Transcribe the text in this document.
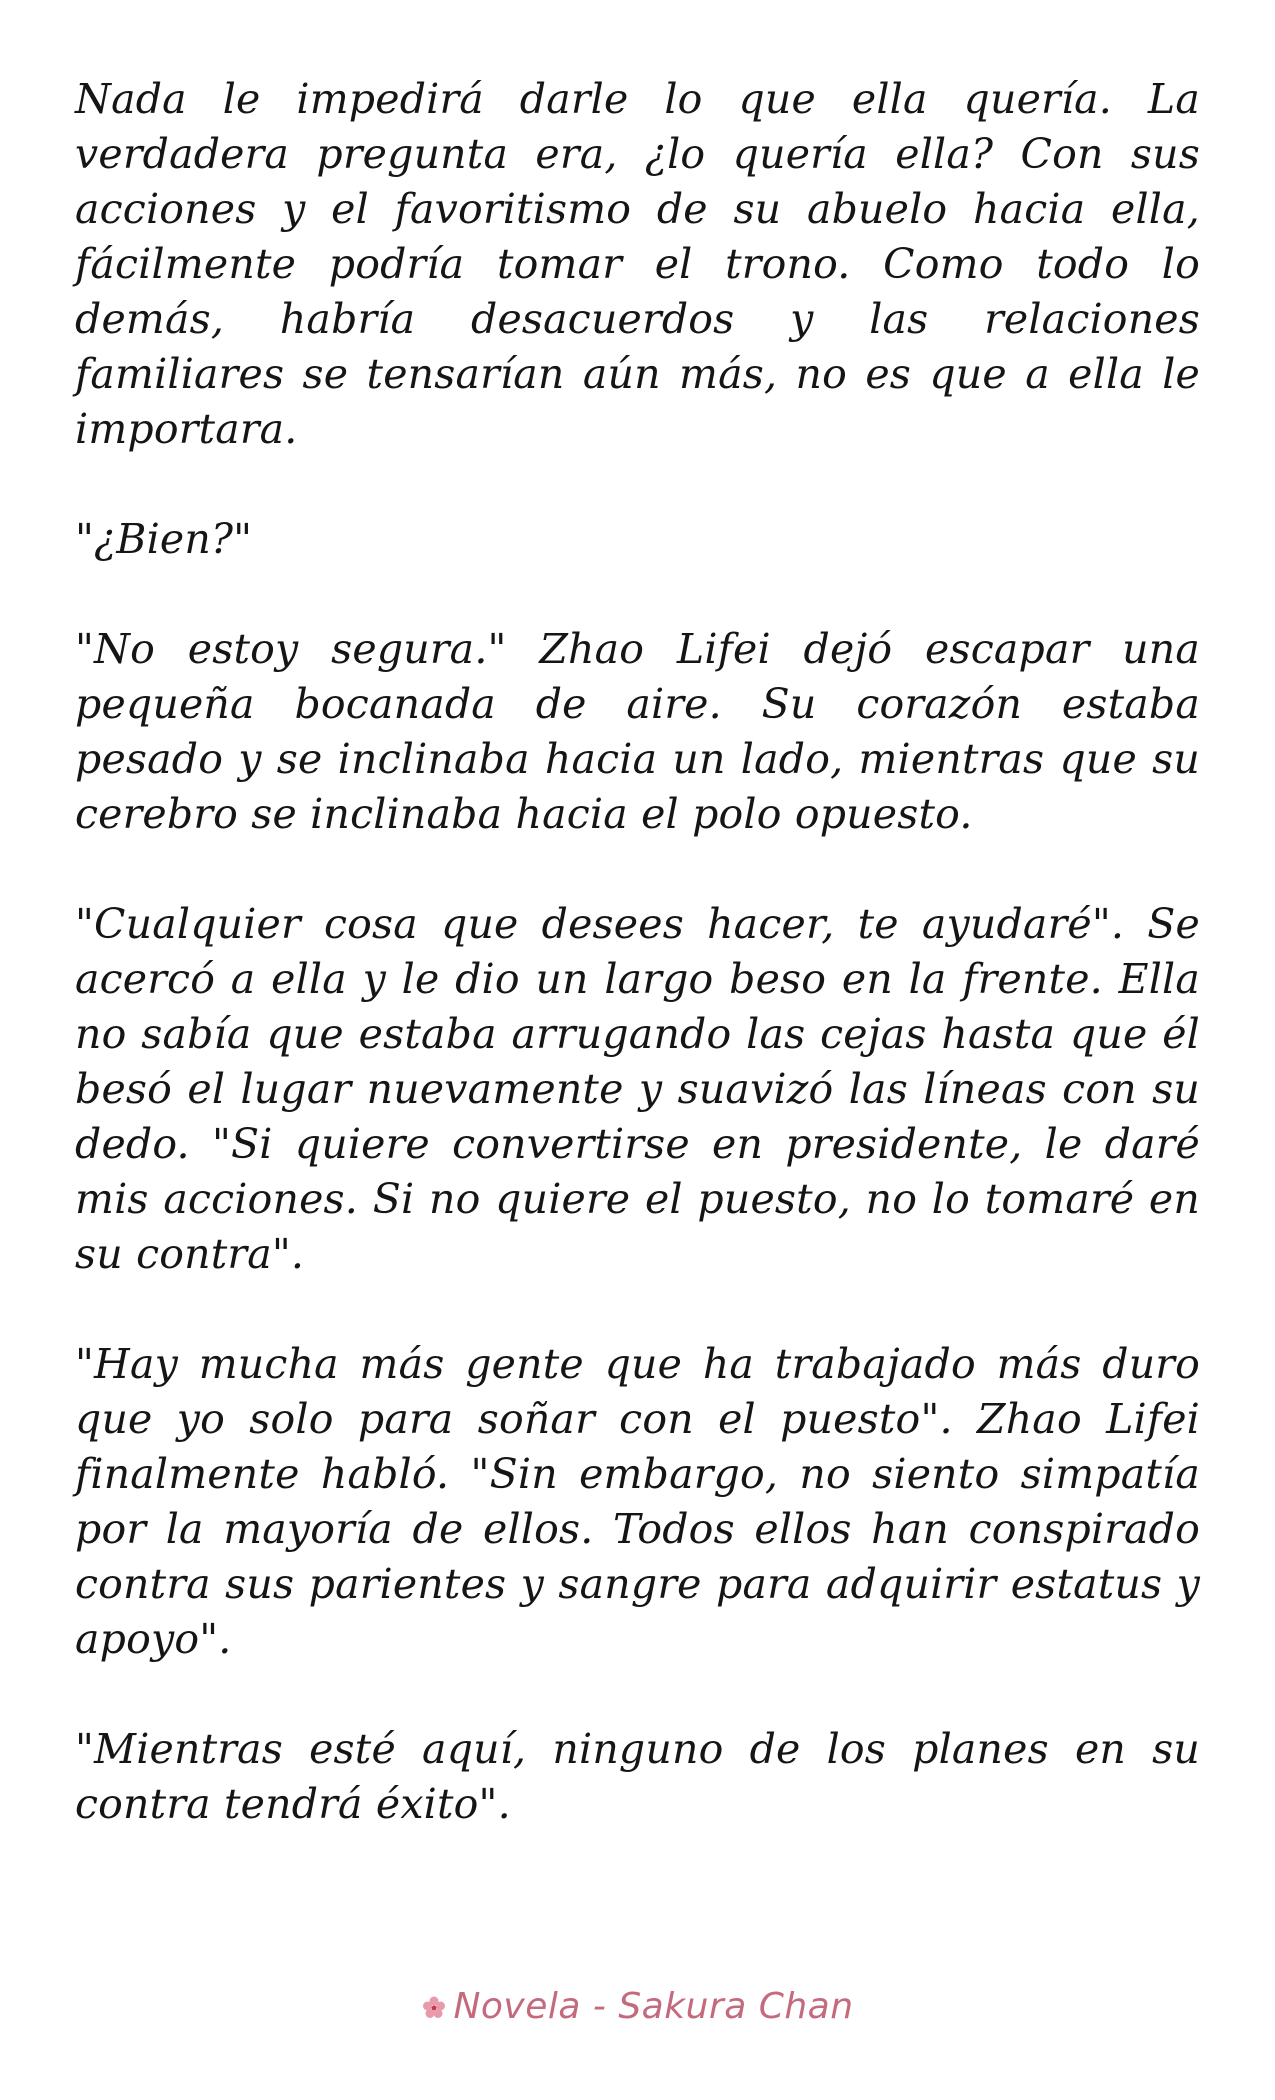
Nada le impedirá darle lo que ella quería. La verdadera pregunta era, ¿lo quería ella? Con sus acciones y el favoritismo de su abuelo hacia ella, fácilmente podría tomar el trono. Como todo lo demás, habría desacuerdos y las relaciones familiares se tensarían aún más, no es que a ella le importara.

"¿Bien?"

"No estoy segura." Zhao Lifei dejó escapar una pequeña bocanada de aire. Su corazón estaba pesado y se inclinaba hacia un lado, mientras que su cerebro se inclinaba hacia el polo opuesto.

"Cualquier cosa que desees hacer, te ayudaré". Se acercó a ella y le dio un largo beso en la frente. Ella no sabía que estaba arrugando las cejas hasta que él besó el lugar nuevamente y suavizó las líneas con su dedo. "Si quiere convertirse en presidente, le daré mis acciones. Si no quiere el puesto, no lo tomaré en su contra".

"Hay mucha más gente que ha trabajado más duro que yo solo para soñar con el puesto". Zhao Lifei finalmente habló. "Sin embargo, no siento simpatía por la mayoría de ellos. Todos ellos han conspirado contra sus parientes y sangre para adquirir estatus y apoyo".

"Mientras esté aquí, ninguno de los planes en su contra tendrá éxito".

Novela - Sakura Chan
